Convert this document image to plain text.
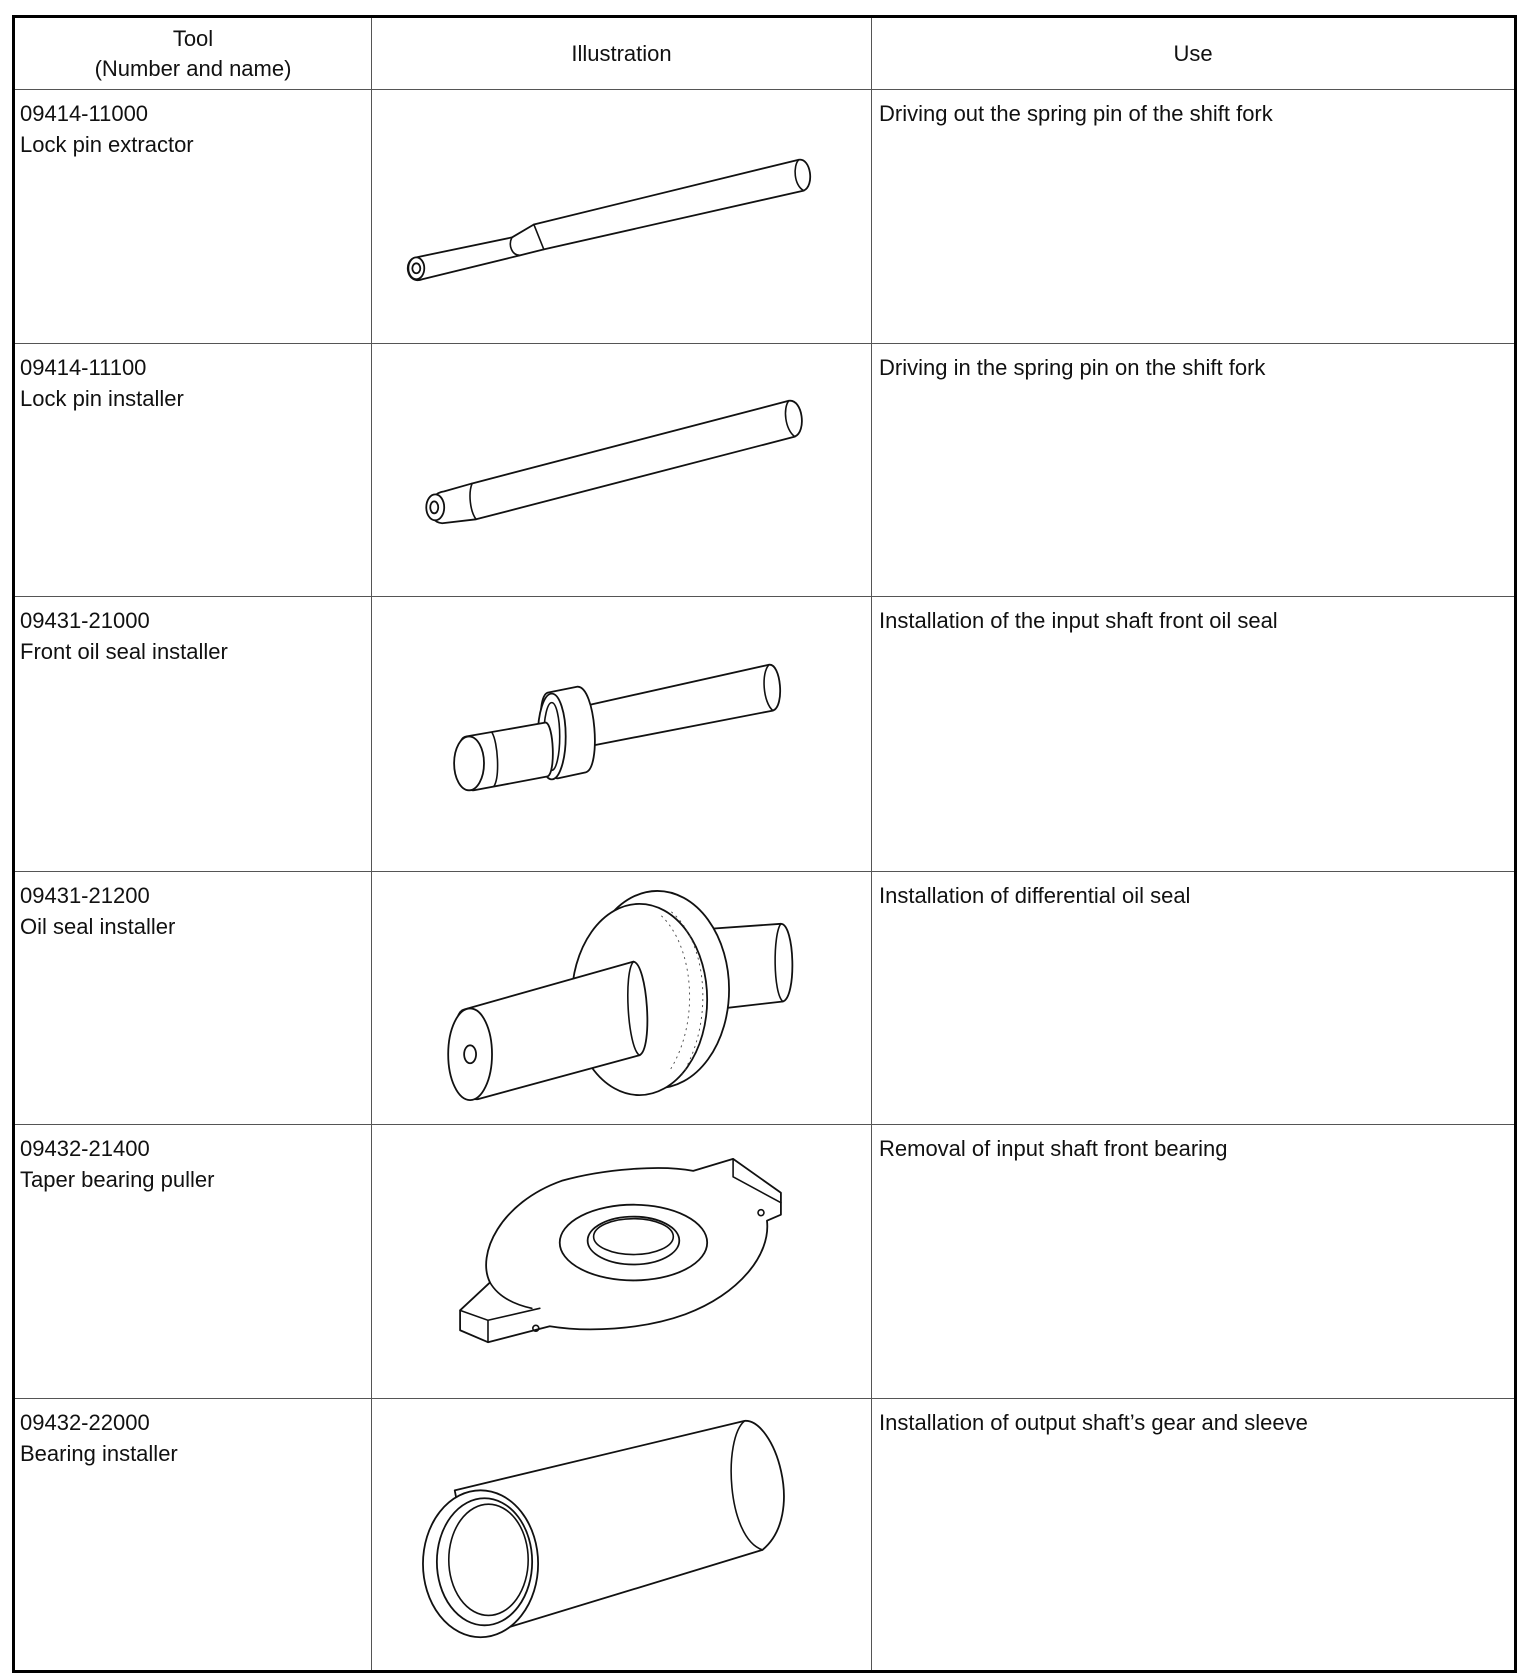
Tool
(Number and name)	Illustration	Use

09414-11000
Lock pin extractor		Driving out the spring pin of the shift fork

09414-11100
Lock pin installer		Driving in the spring pin on the shift fork

09431-21000
Front oil seal installer		Installation of the input shaft front oil seal

09431-21200
Oil seal installer		Installation of differential oil seal

09432-21400
Taper bearing puller		Removal of input shaft front bearing

09432-22000
Bearing installer		Installation of output shaft’s gear and sleeve
